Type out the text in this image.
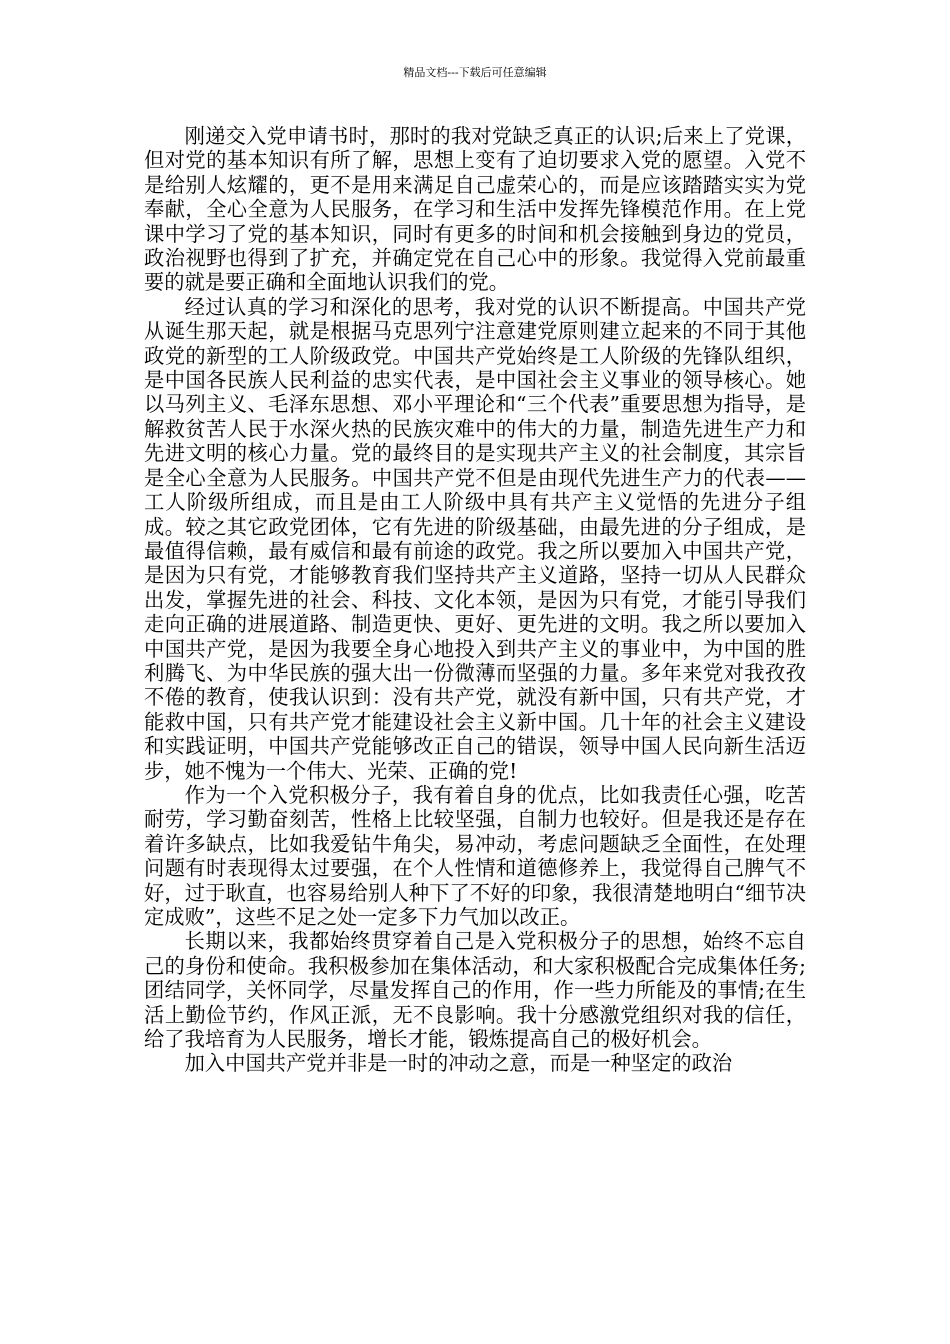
精品文档---下载后可任意编辑

刚递交入党申请书时，那时的我对党缺乏真正的认识;后来上了党课，但对党的基本知识有所了解，思想上变有了迫切要求入党的愿望。入党不是给别人炫耀的，更不是用来满足自己虚荣心的，而是应该踏踏实实为党奉献，全心全意为人民服务，在学习和生活中发挥先锋模范作用。在上党课中学习了党的基本知识，同时有更多的时间和机会接触到身边的党员，政治视野也得到了扩充，并确定党在自己心中的形象。我觉得入党前最重要的就是要正确和全面地认识我们的党。

经过认真的学习和深化的思考，我对党的认识不断提高。中国共产党从诞生那天起，就是根据马克思列宁注意建党原则建立起来的不同于其他政党的新型的工人阶级政党。中国共产党始终是工人阶级的先锋队组织，是中国各民族人民利益的忠实代表，是中国社会主义事业的领导核心。她以马列主义、毛泽东思想、邓小平理论和“三个代表”重要思想为指导，是解救贫苦人民于水深火热的民族灾难中的伟大的力量，制造先进生产力和先进文明的核心力量。党的最终目的是实现共产主义的社会制度，其宗旨是全心全意为人民服务。中国共产党不但是由现代先进生产力的代表——工人阶级所组成，而且是由工人阶级中具有共产主义觉悟的先进分子组成。较之其它政党团体，它有先进的阶级基础，由最先进的分子组成，是最值得信赖，最有威信和最有前途的政党。我之所以要加入中国共产党，是因为只有党，才能够教育我们坚持共产主义道路，坚持一切从人民群众出发，掌握先进的社会、科技、文化本领，是因为只有党，才能引导我们走向正确的进展道路、制造更快、更好、更先进的文明。我之所以要加入中国共产党，是因为我要全身心地投入到共产主义的事业中，为中国的胜利腾飞、为中华民族的强大出一份微薄而坚强的力量。多年来党对我孜孜不倦的教育，使我认识到：没有共产党，就没有新中国，只有共产党，才能救中国，只有共产党才能建设社会主义新中国。几十年的社会主义建设和实践证明，中国共产党能够改正自己的错误，领导中国人民向新生活迈步，她不愧为一个伟大、光荣、正确的党!

作为一个入党积极分子，我有着自身的优点，比如我责任心强，吃苦耐劳，学习勤奋刻苦，性格上比较坚强，自制力也较好。但是我还是存在着许多缺点，比如我爱钻牛角尖，易冲动，考虑问题缺乏全面性，在处理问题有时表现得太过要强，在个人性情和道德修养上，我觉得自己脾气不好，过于耿直，也容易给别人种下了不好的印象，我很清楚地明白“细节决定成败”，这些不足之处一定多下力气加以改正。

长期以来，我都始终贯穿着自己是入党积极分子的思想，始终不忘自己的身份和使命。我积极参加在集体活动，和大家积极配合完成集体任务;团结同学，关怀同学，尽量发挥自己的作用，作一些力所能及的事情;在生活上勤俭节约，作风正派，无不良影响。我十分感激党组织对我的信任，给了我培育为人民服务，增长才能，锻炼提高自己的极好机会。

加入中国共产党并非是一时的冲动之意，而是一种坚定的政治
